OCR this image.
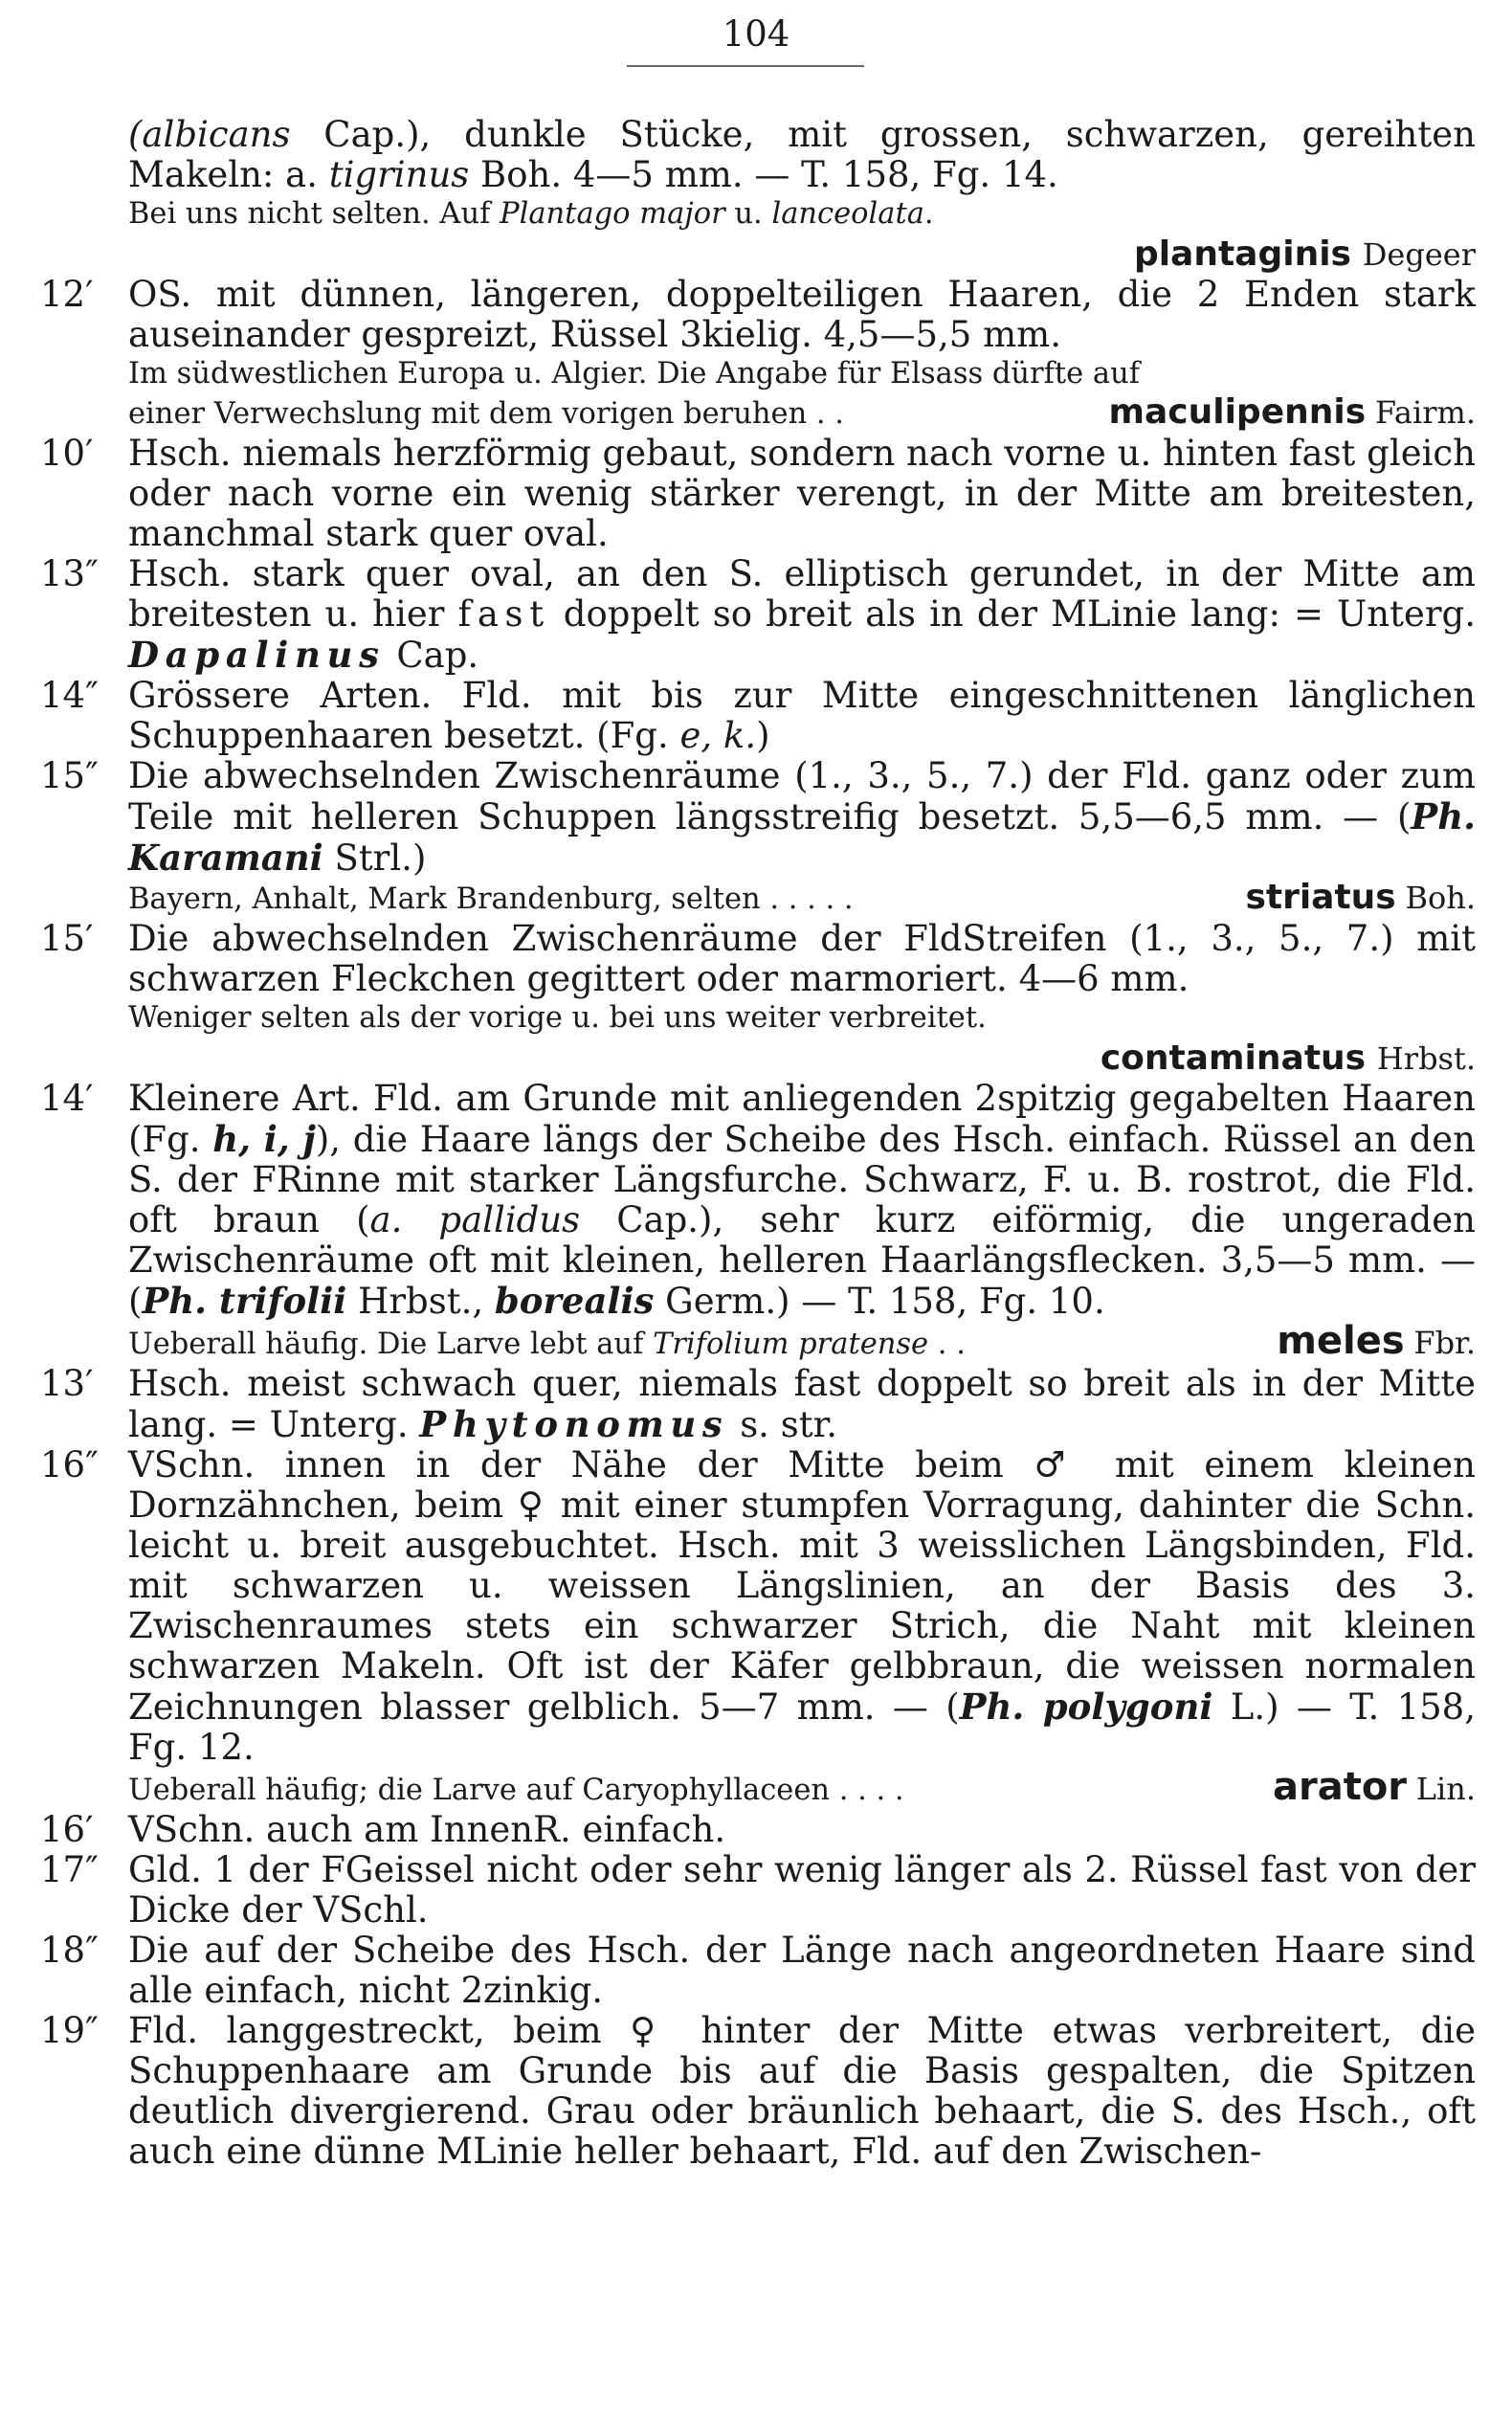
104
(albicans Cap.), dunkle Stücke, mit grossen, schwarzen, gereihten Makeln: a. tigrinus Boh. 4—5 mm. — T. 158, Fg. 14.
Bei uns nicht selten. Auf Plantago major u. lanceolata.
plantaginis
Degeer
12′ OS. mit dünnen, längeren, doppelteiligen Haaren, die 2 Enden stark auseinander gespreizt, Rüssel 3kielig. 4,5—5,5 mm.
Im südwestlichen Europa u. Algier. Die Angabe für Elsass dürfte auf
einer Verwechslung mit dem vorigen beruhen . .	maculipennis Fairm.
10′ Hsch. niemals herzförmig gebaut, sondern nach vorne u. hinten fast gleich oder nach vorne ein wenig stärker verengt, in der Mitte am breitesten, manchmal stark quer oval.
13″ Hsch. stark quer oval, an den S. elliptisch gerundet, in der Mitte am breitesten u. hier fast doppelt so breit als in der MLinie lang: = Unterg. Dapalinus Cap.
14″ Grössere Arten. Fld. mit bis zur Mitte eingeschnittenen länglichen Schuppenhaaren besetzt. (Fg. e, k.)
15″ Die abwechselnden Zwischenräume (1., 3., 5., 7.) der Fld. ganz oder zum Teile mit helleren Schuppen längsstreifig besetzt. 5,5—6,5 mm. — (Ph. Karamani Strl.)
Bayern, Anhalt, Mark Brandenburg, selten . . . . .	striatus Boh.
15′ Die abwechselnden Zwischenräume der FldStreifen (1., 3., 5., 7.) mit schwarzen Fleckchen gegittert oder marmoriert. 4—6 mm.
Weniger selten als der vorige u. bei uns weiter verbreitet.
contaminatus
Hrbst.
14′ Kleinere Art. Fld. am Grunde mit anliegenden 2spitzig gegabelten Haaren (Fg. h, i, j), die Haare längs der Scheibe des Hsch. einfach. Rüssel an den S. der FRinne mit starker Längsfurche. Schwarz, F. u. B. rostrot, die Fld. oft braun (a. pallidus Cap.), sehr kurz eiförmig, die ungeraden Zwischenräume oft mit kleinen, helleren Haarlängsflecken. 3,5—5 mm. — (Ph. trifolii Hrbst., borealis Germ.) — T. 158, Fg. 10.
Ueberall häufig. Die Larve lebt auf Trifolium pratense . .	meles Fbr.
13′ Hsch. meist schwach quer, niemals fast doppelt so breit als in der Mitte lang. = Unterg. Phytonomus s. str.
16″ VSchn. innen in der Nähe der Mitte beim ♂ mit einem kleinen Dornzähnchen, beim ♀ mit einer stumpfen Vorragung, dahinter die Schn. leicht u. breit ausgebuchtet. Hsch. mit 3 weisslichen Längsbinden, Fld. mit schwarzen u. weissen Längslinien, an der Basis des 3. Zwischenraumes stets ein schwarzer Strich, die Naht mit kleinen schwarzen Makeln. Oft ist der Käfer gelbbraun, die weissen normalen Zeichnungen blasser gelblich. 5—7 mm. — (Ph. polygoni L.) — T. 158, Fg. 12.
Ueberall häufig; die Larve auf Caryophyllaceen . . . .	arator Lin.
16′ VSchn. auch am InnenR. einfach.
17″ Gld. 1 der FGeissel nicht oder sehr wenig länger als 2. Rüssel fast von der Dicke der VSchl.
18″ Die auf der Scheibe des Hsch. der Länge nach angeordneten Haare sind alle einfach, nicht 2zinkig.
19″ Fld. langgestreckt, beim ♀ hinter der Mitte etwas verbreitert, die Schuppenhaare am Grunde bis auf die Basis gespalten, die Spitzen deutlich divergierend. Grau oder bräunlich behaart, die S. des Hsch., oft auch eine dünne MLinie heller behaart, Fld. auf den Zwischen-
